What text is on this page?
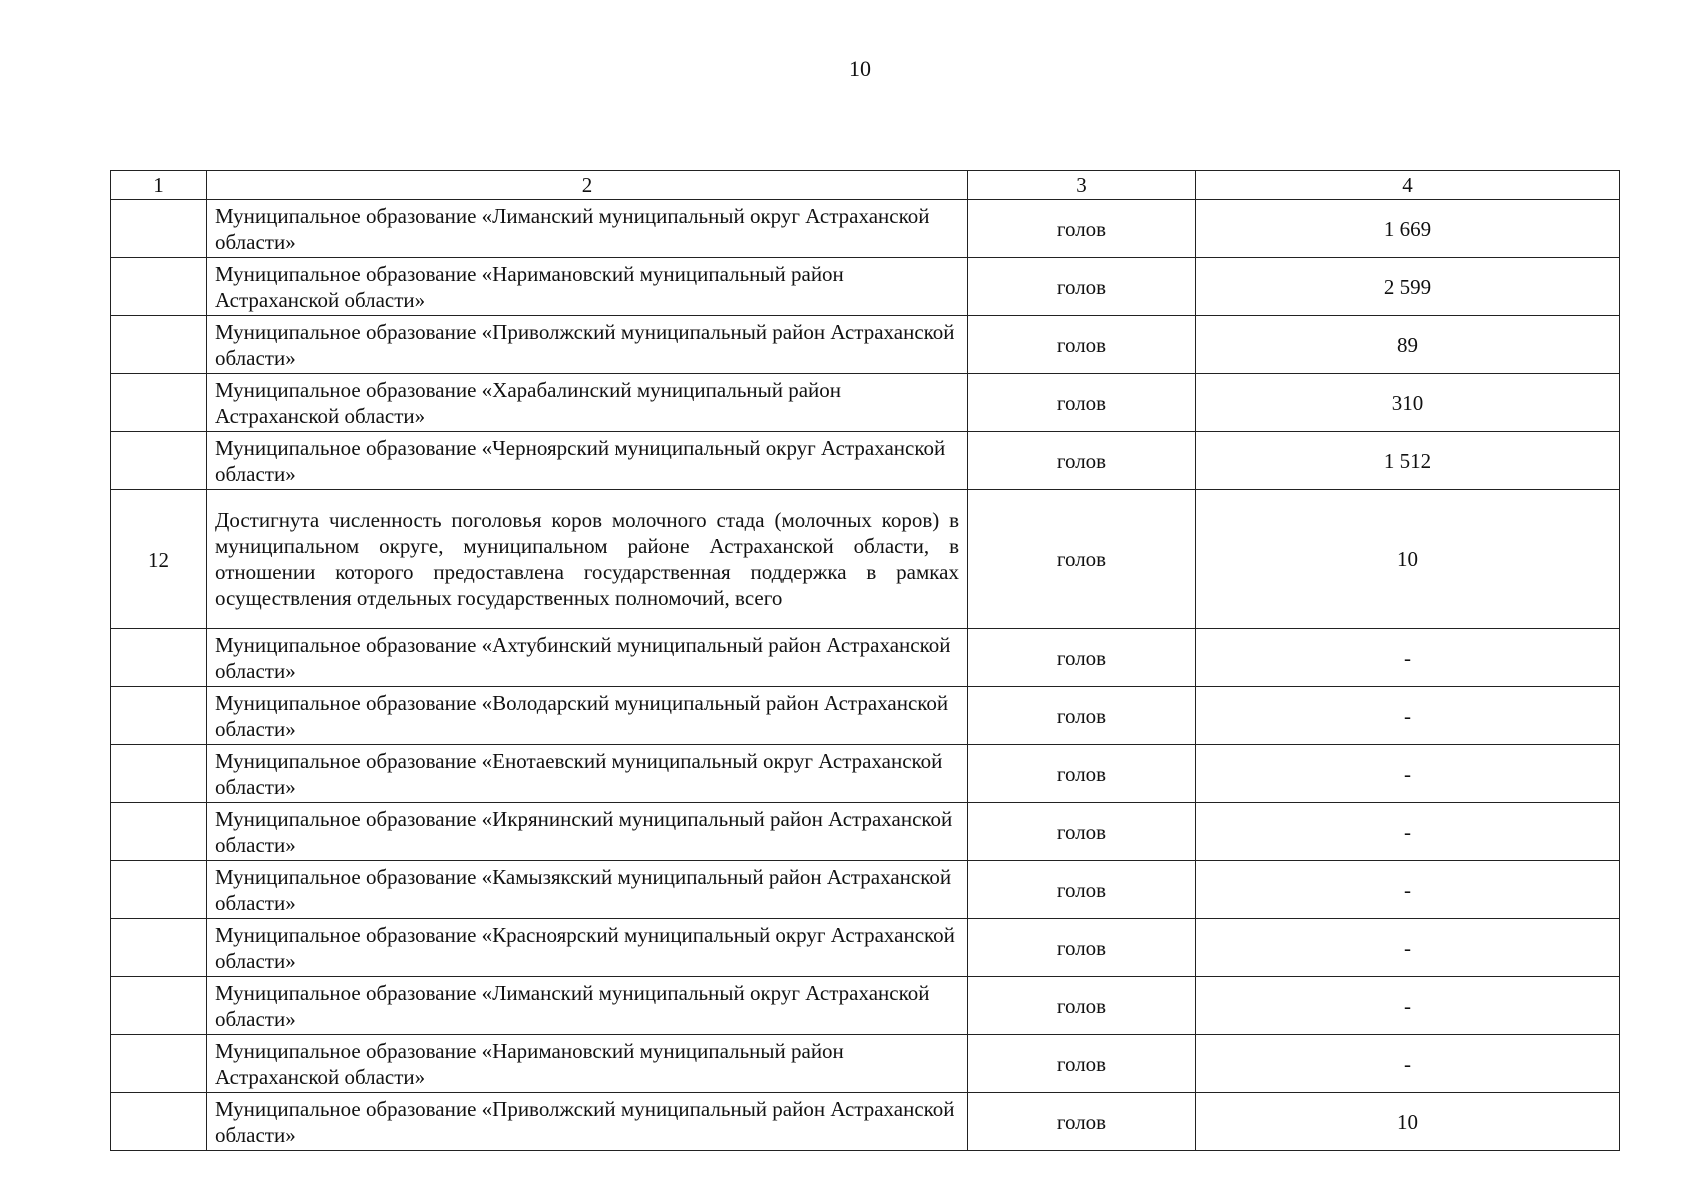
10
1	2	3	4
	Муниципальное образование «Лиманский муниципальный округ Астраханской области»	голов	1 669
	Муниципальное образование «Наримановский муниципальный район Астраханской области»	голов	2 599
	Муниципальное образование «Приволжский муниципальный район Астраханской области»	голов	89
	Муниципальное образование «Харабалинский муниципальный район Астраханской области»	голов	310
	Муниципальное образование «Черноярский муниципальный округ Астраханской области»	голов	1 512
12	Достигнута численность поголовья коров молочного стада (молочных коров) в муниципальном округе, муниципальном районе Астраханской области, в отношении которого предоставлена государственная поддержка в рамках осуществления отдельных государственных полномочий, всего	голов	10
	Муниципальное образование «Ахтубинский муниципальный район Астраханской области»	голов	-
	Муниципальное образование «Володарский муниципальный район Астраханской области»	голов	-
	Муниципальное образование «Енотаевский муниципальный округ Астраханской области»	голов	-
	Муниципальное образование «Икрянинский муниципальный район Астраханской области»	голов	-
	Муниципальное образование «Камызякский муниципальный район Астраханской области»	голов	-
	Муниципальное образование «Красноярский муниципальный округ Астраханской области»	голов	-
	Муниципальное образование «Лиманский муниципальный округ Астраханской области»	голов	-
	Муниципальное образование «Наримановский муниципальный район Астраханской области»	голов	-
	Муниципальное образование «Приволжский муниципальный район Астраханской области»	голов	10
